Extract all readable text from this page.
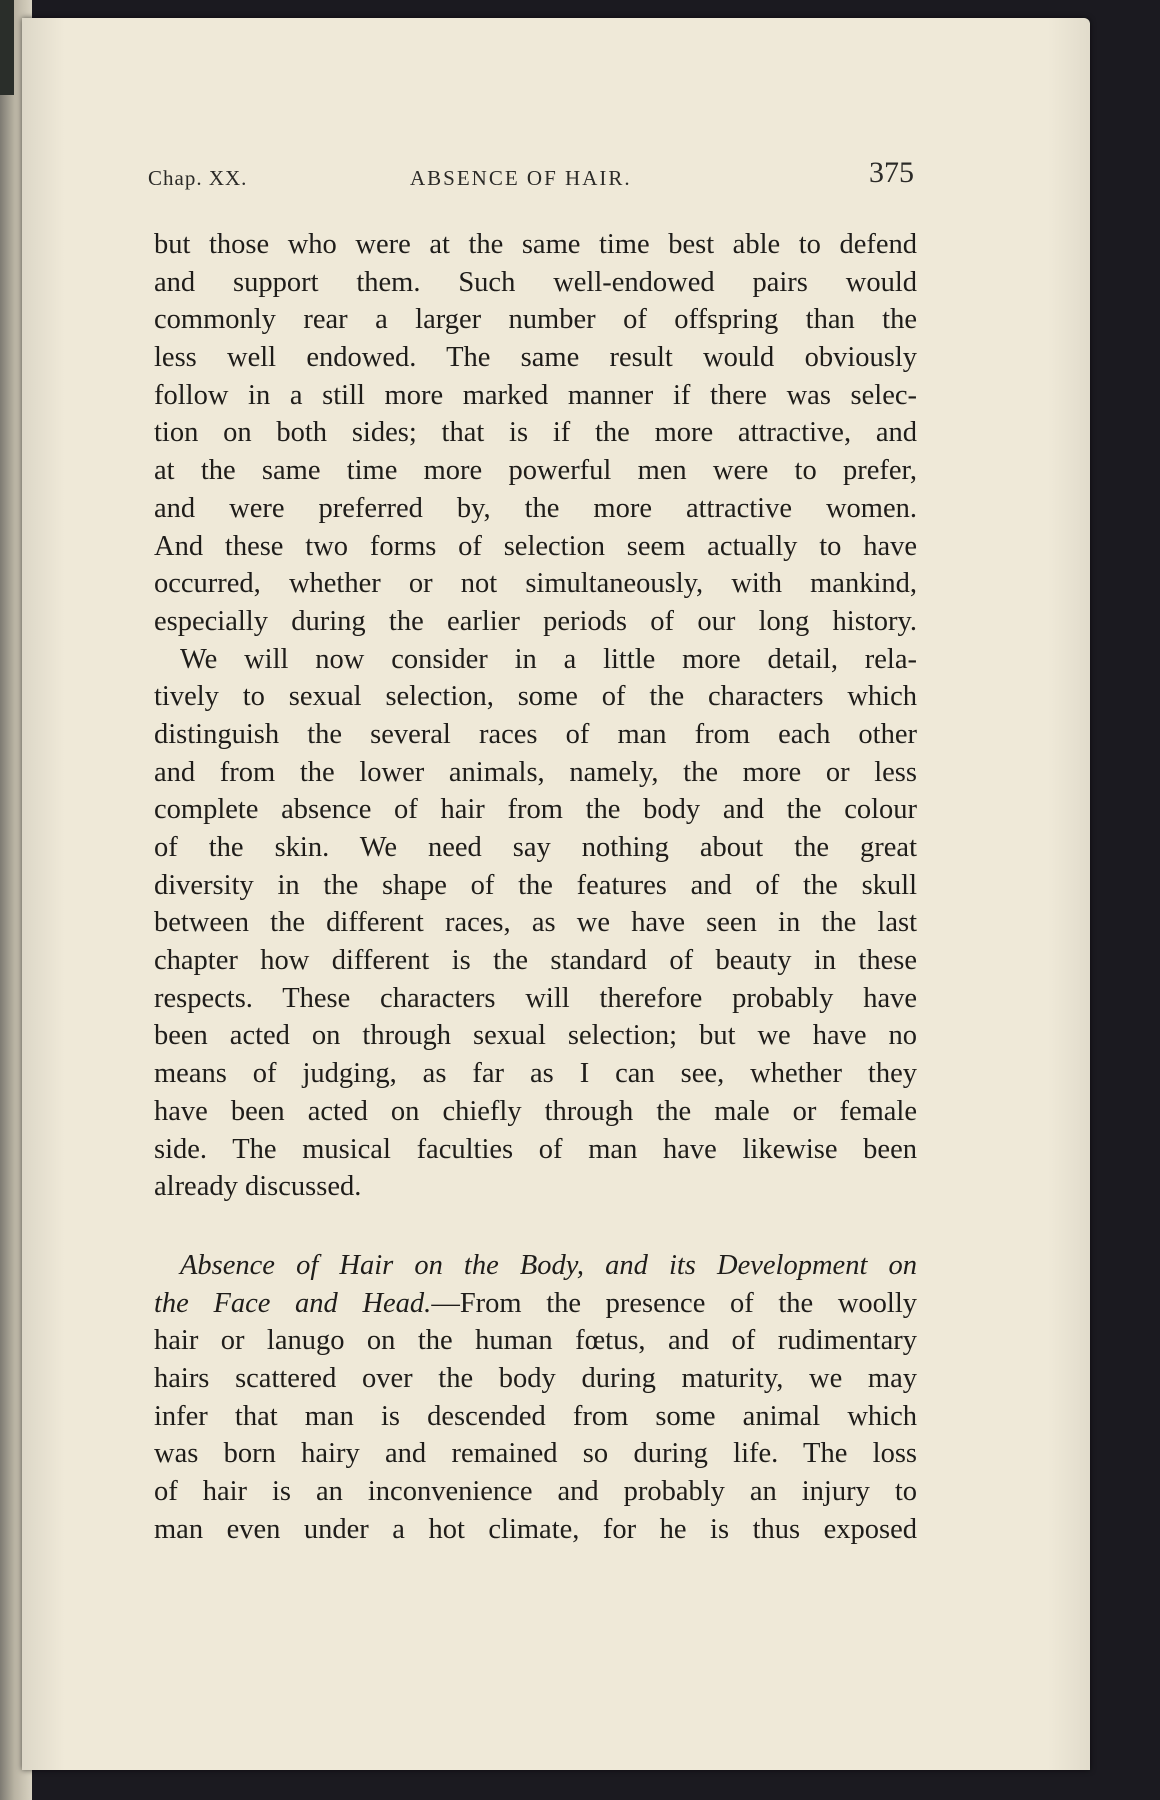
Chap. XX.	ABSENCE OF HAIR.	375
but those who were at the same time best able to defend
and support them. Such well-endowed pairs would
commonly rear a larger number of offspring than the
less well endowed. The same result would obviously
follow in a still more marked manner if there was selec-
tion on both sides; that is if the more attractive, and
at the same time more powerful men were to prefer,
and were preferred by, the more attractive women.
And these two forms of selection seem actually to have
occurred, whether or not simultaneously, with mankind,
especially during the earlier periods of our long history.
We will now consider in a little more detail, rela-
tively to sexual selection, some of the characters which
distinguish the several races of man from each other
and from the lower animals, namely, the more or less
complete absence of hair from the body and the colour
of the skin. We need say nothing about the great
diversity in the shape of the features and of the skull
between the different races, as we have seen in the last
chapter how different is the standard of beauty in these
respects. These characters will therefore probably have
been acted on through sexual selection; but we have no
means of judging, as far as I can see, whether they
have been acted on chiefly through the male or female
side. The musical faculties of man have likewise been
already discussed.
Absence of Hair on the Body, and its Development on
the Face and Head.—From the presence of the woolly
hair or lanugo on the human fœtus, and of rudimentary
hairs scattered over the body during maturity, we may
infer that man is descended from some animal which
was born hairy and remained so during life. The loss
of hair is an inconvenience and probably an injury to
man even under a hot climate, for he is thus exposed
